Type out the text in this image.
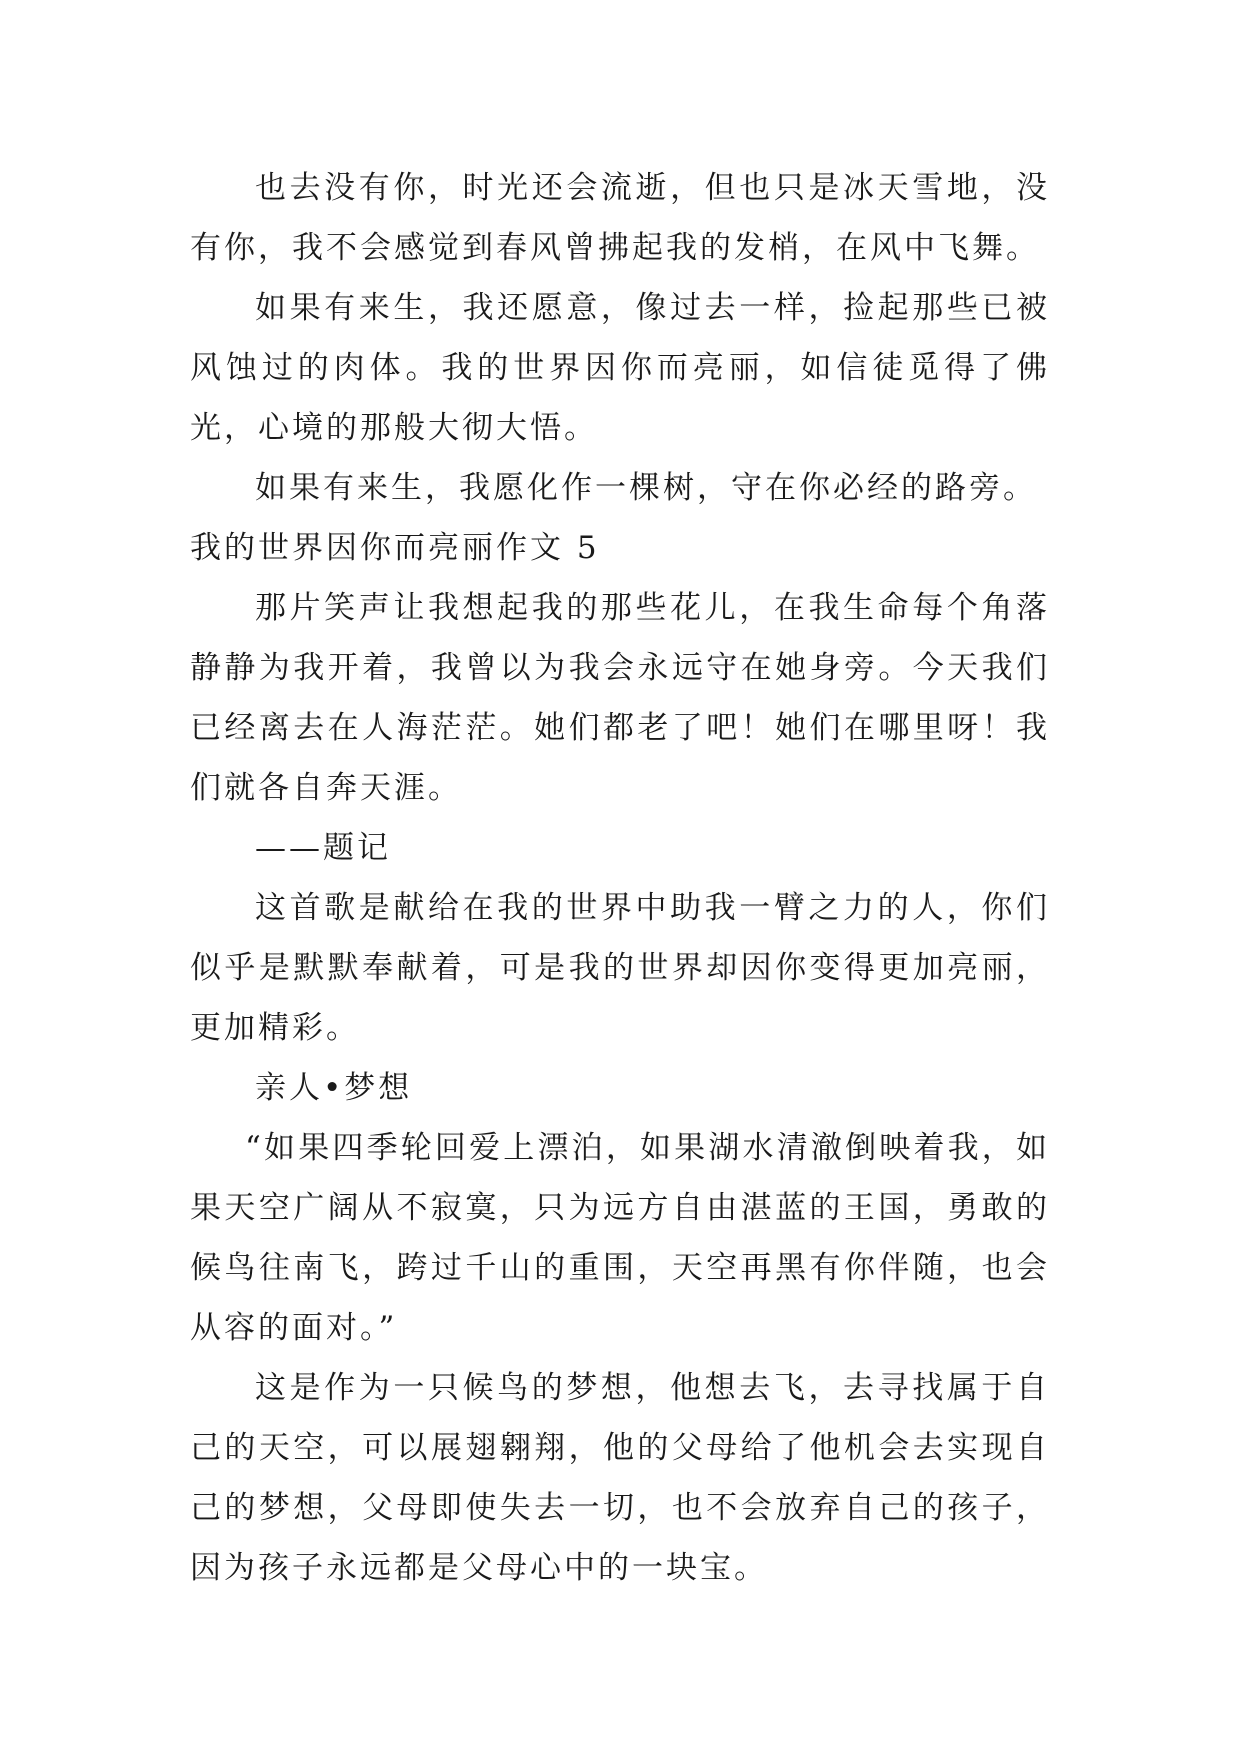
也去没有你，时光还会流逝，但也只是冰天雪地，没有你，我不会感觉到春风曾拂起我的发梢，在风中飞舞。

如果有来生，我还愿意，像过去一样，捡起那些已被风蚀过的肉体。我的世界因你而亮丽，如信徒觅得了佛光，心境的那般大彻大悟。

如果有来生，我愿化作一棵树，守在你必经的路旁。

我的世界因你而亮丽作文 5

那片笑声让我想起我的那些花儿，在我生命每个角落静静为我开着，我曾以为我会永远守在她身旁。今天我们已经离去在人海茫茫。她们都老了吧！她们在哪里呀！我们就各自奔天涯。

——题记

这首歌是献给在我的世界中助我一臂之力的人，你们似乎是默默奉献着，可是我的世界却因你变得更加亮丽，更加精彩。

亲人•梦想

“如果四季轮回爱上漂泊，如果湖水清澈倒映着我，如果天空广阔从不寂寞，只为远方自由湛蓝的王国，勇敢的候鸟往南飞，跨过千山的重围，天空再黑有你伴随，也会从容的面对。”

这是作为一只候鸟的梦想，他想去飞，去寻找属于自己的天空，可以展翅翱翔，他的父母给了他机会去实现自己的梦想，父母即使失去一切，也不会放弃自己的孩子，因为孩子永远都是父母心中的一块宝。
